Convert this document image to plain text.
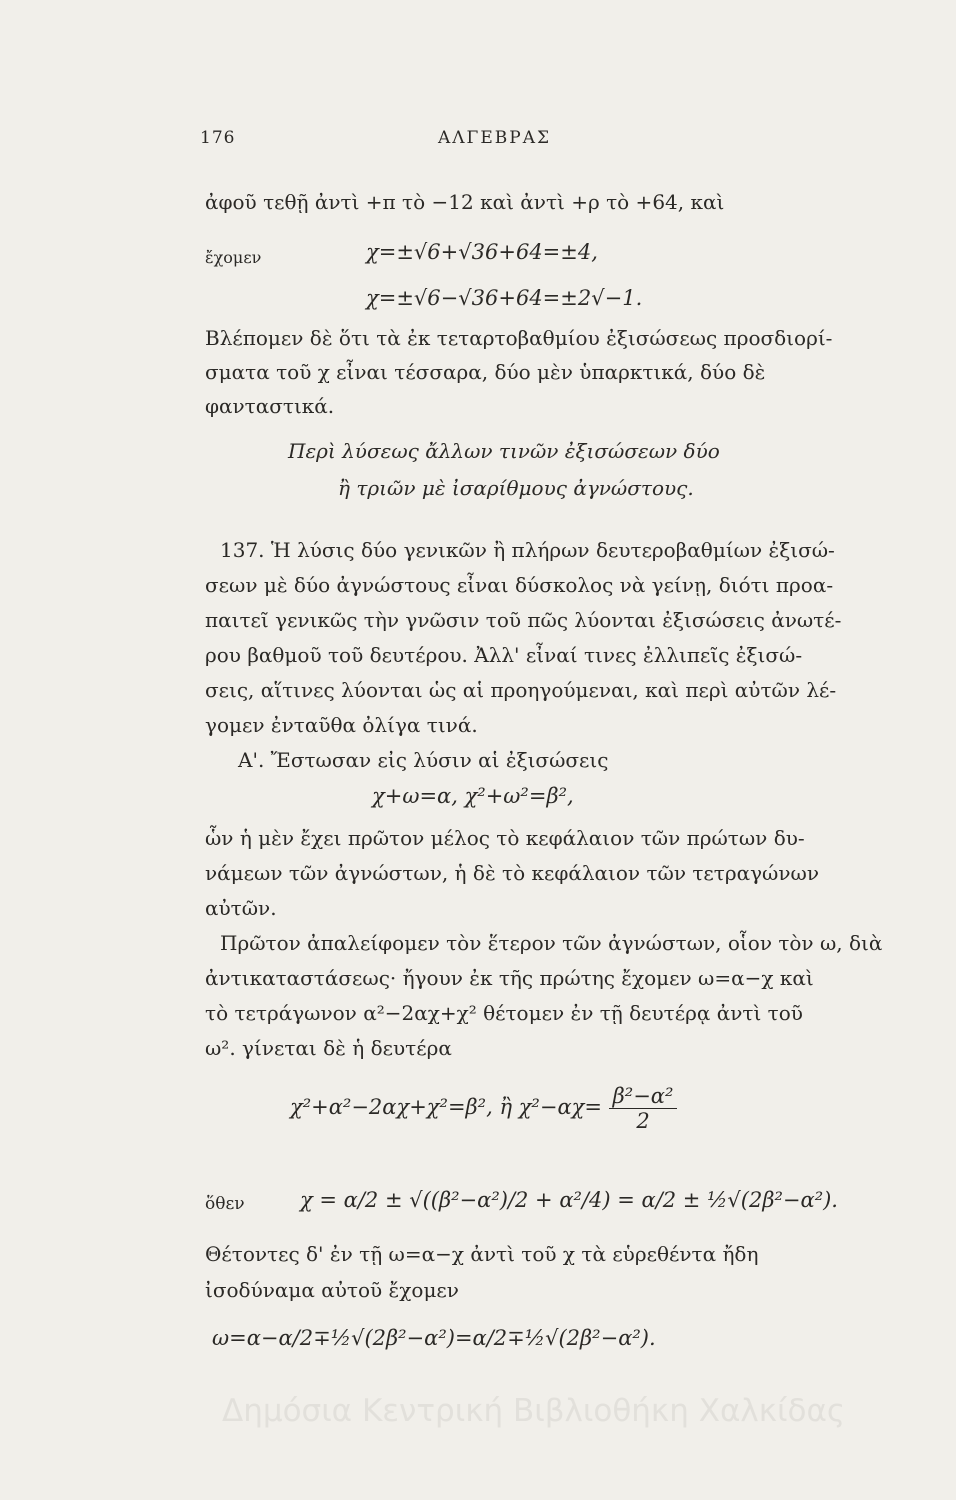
176	ΑΛΓΕΒΡΑΣ
ἀφοῦ τεθῇ ἀντὶ +π τὸ −12 καὶ ἀντὶ +ρ τὸ +64, καὶ
ἔχομεν	χ=±√6+√36+64=±4,
χ=±√6−√36+64=±2√−1.
Βλέπομεν δὲ ὅτι τὰ ἐκ τεταρτοβαθμίου ἐξισώσεως προσδιορί-
σματα τοῦ χ εἶναι τέσσαρα, δύο μὲν ὑπαρκτικά, δύο δὲ
φανταστικά.
Περὶ λύσεως ἄλλων τινῶν ἐξισώσεων δύο
ἢ τριῶν μὲ ἰσαρίθμους ἀγνώστους.
137. Ἡ λύσις δύο γενικῶν ἢ πλήρων δευτεροβαθμίων ἐξισώ-
σεων μὲ δύο ἀγνώστους εἶναι δύσκολος νὰ γείνῃ, διότι προα-
παιτεῖ γενικῶς τὴν γνῶσιν τοῦ πῶς λύονται ἐξισώσεις ἀνωτέ-
ρου βαθμοῦ τοῦ δευτέρου. Ἀλλ' εἶναί τινες ἐλλιπεῖς ἐξισώ-
σεις, αἵτινες λύονται ὡς αἱ προηγούμεναι, καὶ περὶ αὐτῶν λέ-
γομεν ἐνταῦθα ὀλίγα τινά.
Α'. Ἔστωσαν εἰς λύσιν αἱ ἐξισώσεις
χ+ω=α, χ²+ω²=β²,
ὧν ἡ μὲν ἔχει πρῶτον μέλος τὸ κεφάλαιον τῶν πρώτων δυ-
νάμεων τῶν ἀγνώστων, ἡ δὲ τὸ κεφάλαιον τῶν τετραγώνων
αὐτῶν.
Πρῶτον ἀπαλείφομεν τὸν ἕτερον τῶν ἀγνώστων, οἷον τὸν ω, διὰ
ἀντικαταστάσεως· ἤγουν ἐκ τῆς πρώτης ἔχομεν ω=α−χ καὶ
τὸ τετράγωνον α²−2αχ+χ² θέτομεν ἐν τῇ δευτέρᾳ ἀντὶ τοῦ
ω². γίνεται δὲ ἡ δευτέρα
χ²+α²−2αχ+χ²=β², ἢ $\chi^2-\alpha\chi= \frac{\text{β²−α²}}{2}$
ὅθεν	χ = α/2 ± √((β²−α²)/2 + α²/4) = α/2 ± ½√(2β²−α²).
Θέτοντες δ' ἐν τῇ ω=α−χ ἀντὶ τοῦ χ τὰ εὑρεθέντα ἤδη
ἰσοδύναμα αὐτοῦ ἔχομεν
ω=α−α/2∓½√(2β²−α²)=α/2∓½√(2β²−α²).
Δημόσια Κεντρική Βιβλιοθήκη Χαλκίδας
